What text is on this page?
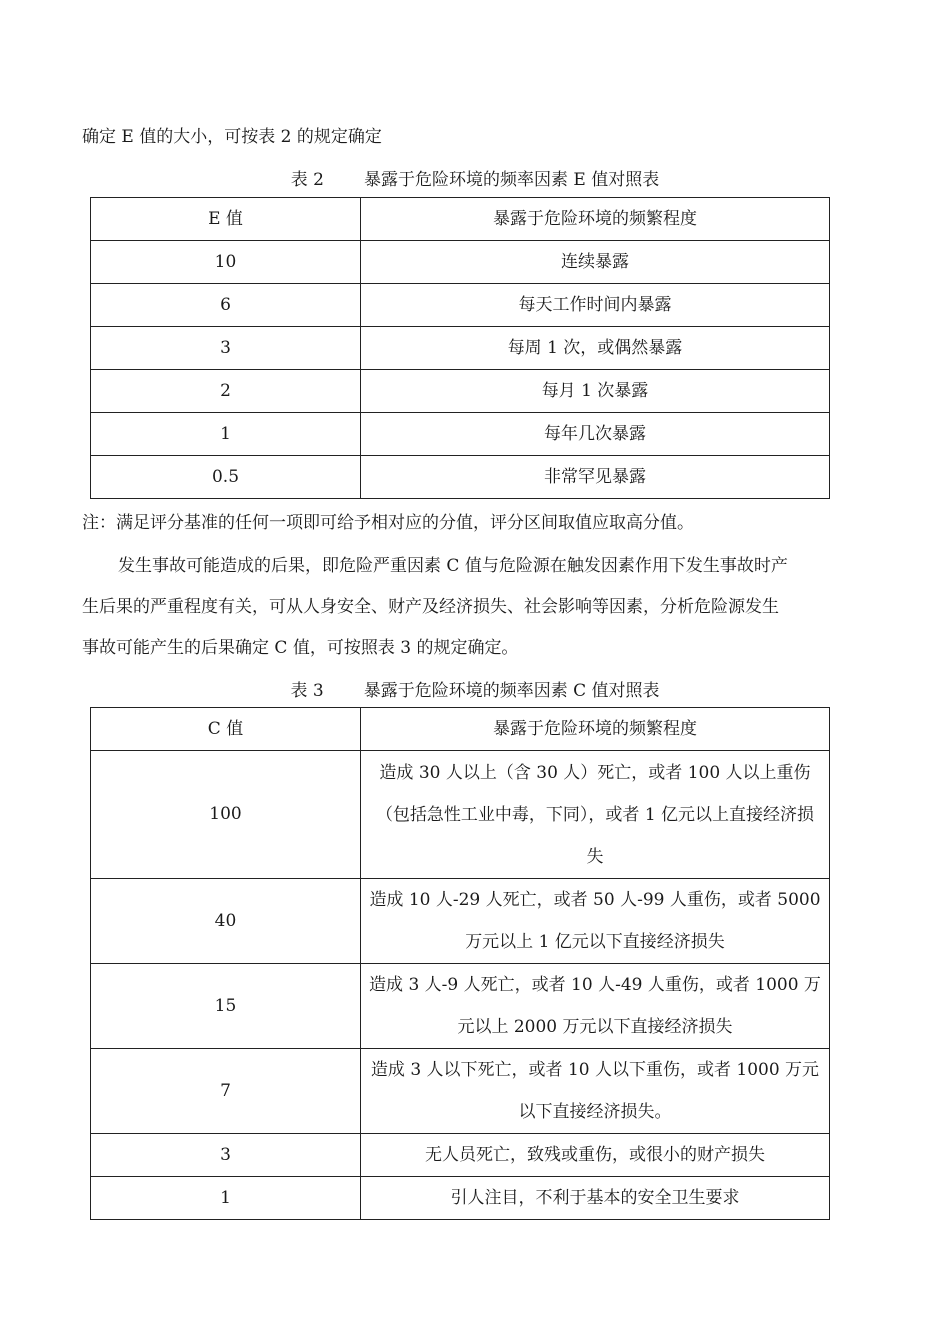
确定 E 值的大小，可按表 2 的规定确定
表 2 暴露于危险环境的频率因素 E 值对照表
E 值	暴露于危险环境的频繁程度
10	连续暴露
6	每天工作时间内暴露
3	每周 1 次，或偶然暴露
2	每月 1 次暴露
1	每年几次暴露
0.5	非常罕见暴露
注：满足评分基准的任何一项即可给予相对应的分值，评分区间取值应取高分值。
发生事故可能造成的后果，即危险严重因素 C 值与危险源在触发因素作用下发生事故时产
生后果的严重程度有关，可从人身安全、财产及经济损失、社会影响等因素，分析危险源发生
事故可能产生的后果确定 C 值，可按照表 3 的规定确定。
表 3 暴露于危险环境的频率因素 C 值对照表
C 值	暴露于危险环境的频繁程度
100	造成 30 人以上（含 30 人）死亡，或者 100 人以上重伤（包括急性工业中毒，下同），或者 1 亿元以上直接经济损失
40	造成 10 人-29 人死亡，或者 50 人-99 人重伤，或者 5000 万元以上 1 亿元以下直接经济损失
15	造成 3 人-9 人死亡，或者 10 人-49 人重伤，或者 1000 万元以上 2000 万元以下直接经济损失
7	造成 3 人以下死亡，或者 10 人以下重伤，或者 1000 万元以下直接经济损失。
3	无人员死亡，致残或重伤，或很小的财产损失
1	引人注目，不利于基本的安全卫生要求
